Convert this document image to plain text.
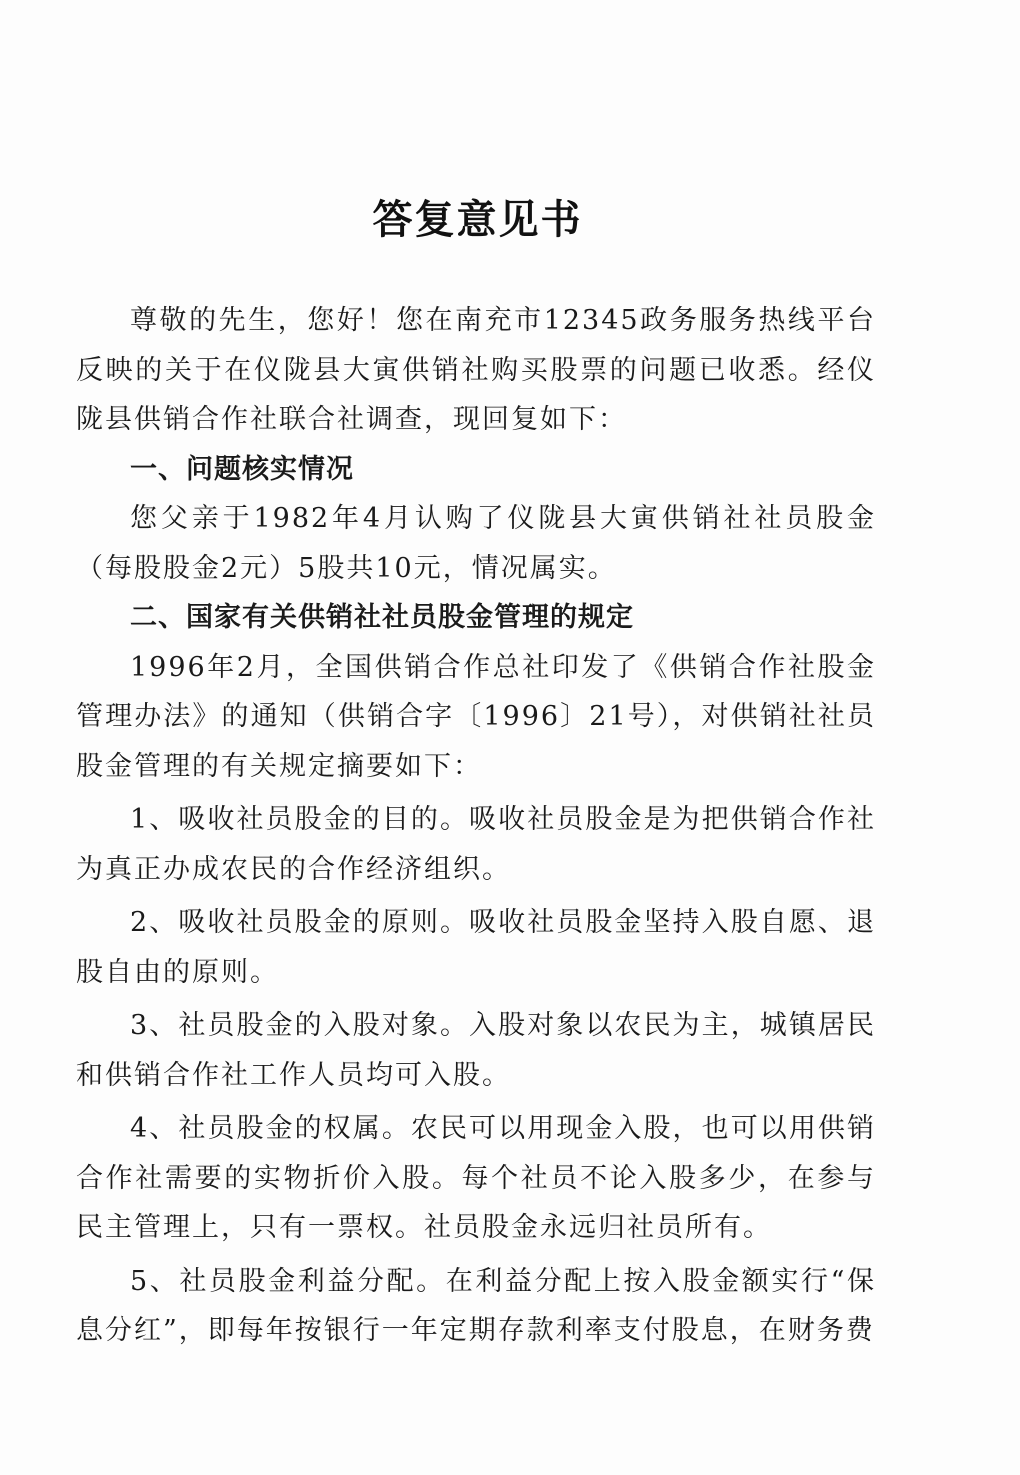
答复意见书

尊敬的先生，您好！您在南充市12345政务服务热线平台反映的关于在仪陇县大寅供销社购买股票的问题已收悉。经仪陇县供销合作社联合社调查，现回复如下：

一、问题核实情况

您父亲于1982年4月认购了仪陇县大寅供销社社员股金（每股股金2元）5股共10元，情况属实。

二、国家有关供销社社员股金管理的规定

1996年2月，全国供销合作总社印发了《供销合作社股金管理办法》的通知（供销合字〔1996〕21号），对供销社社员股金管理的有关规定摘要如下：

1、吸收社员股金的目的。吸收社员股金是为把供销合作社为真正办成农民的合作经济组织。

2、吸收社员股金的原则。吸收社员股金坚持入股自愿、退股自由的原则。

3、社员股金的入股对象。入股对象以农民为主，城镇居民和供销合作社工作人员均可入股。

4、社员股金的权属。农民可以用现金入股，也可以用供销合作社需要的实物折价入股。每个社员不论入股多少，在参与民主管理上，只有一票权。社员股金永远归社员所有。

5、社员股金利益分配。在利益分配上按入股金额实行“保息分红”，即每年按银行一年定期存款利率支付股息，在财务费
